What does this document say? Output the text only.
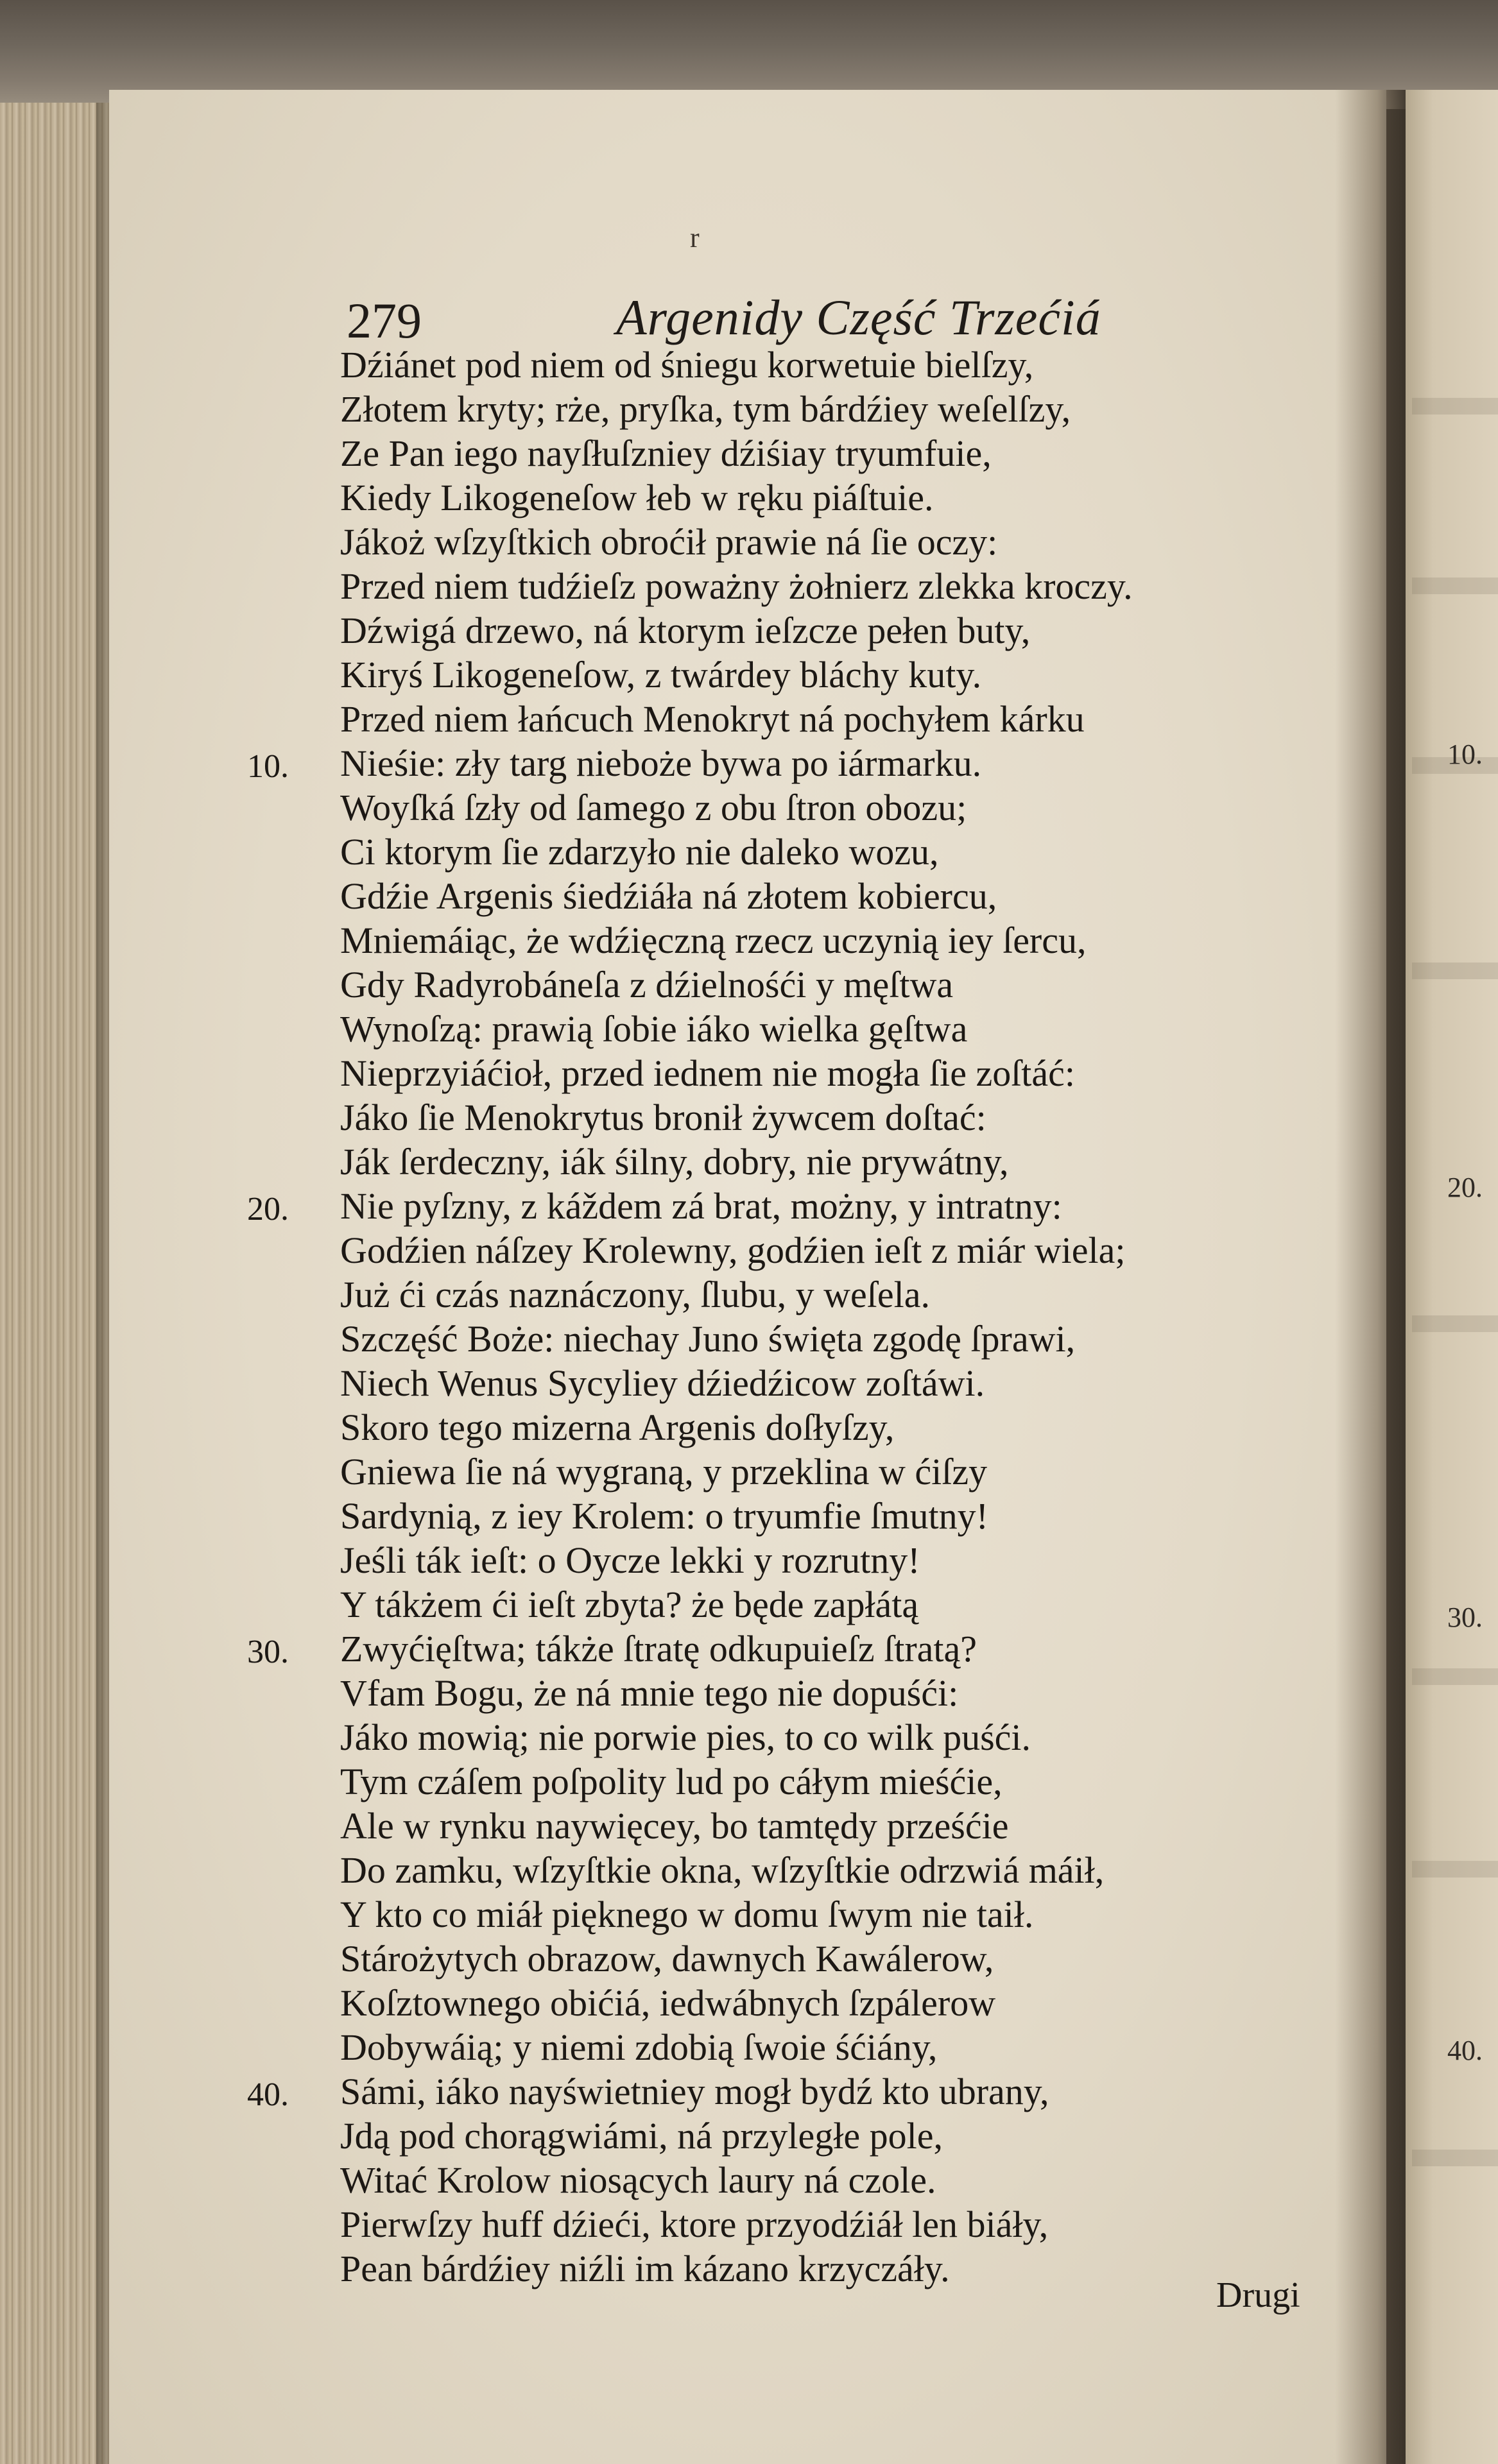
10.
20.
30.
40.
r
279	Argenidy Część Trzećiá
Dźiánet pod niem od śniegu korwetuie bielſzy,
Złotem kryty; rże, pryſka, tym bárdźiey weſelſzy,
Ze Pan iego nayſłuſzniey dźiśiay tryumfuie,
Kiedy Likogeneſow łeb w ręku piáſtuie.
Jákoż wſzyſtkich obroćił prawie ná ſie oczy:
Przed niem tudźieſz poważny żołnierz zlekka kroczy.
Dźwigá drzewo, ná ktorym ieſzcze pełen buty,
Kiryś Likogeneſow, z twárdey bláchy kuty.
Przed niem łańcuch Menokryt ná pochyłem kárku
Nieśie: zły targ nieboże bywa po iármarku.
Woyſká ſzły od ſamego z obu ſtron obozu;
Ci ktorym ſie zdarzyło nie daleko wozu,
Gdźie Argenis śiedźiáła ná złotem kobiercu,
Mniemáiąc, że wdźięczną rzecz uczynią iey ſercu,
Gdy Radyrobáneſa z dźielnośći y męſtwa
Wynoſzą: prawią ſobie iáko wielka gęſtwa
Nieprzyiáćioł, przed iednem nie mogła ſie zoſtáć:
Jáko ſie Menokrytus bronił żywcem doſtać:
Ják ſerdeczny, iák śilny, dobry, nie prywátny,
Nie pyſzny, z káždem zá brat, możny, y intratny:
Godźien náſzey Krolewny, godźien ieſt z miár wiela;
Już ći czás naznáczony, ſlubu, y weſela.
Szczęść Boże: niechay Juno święta zgodę ſprawi,
Niech Wenus Sycyliey dźiedźicow zoſtáwi.
Skoro tego mizerna Argenis doſłyſzy,
Gniewa ſie ná wygraną, y przeklina w ćiſzy
Sardynią, z iey Krolem: o tryumfie ſmutny!
Jeśli ták ieſt: o Oycze lekki y rozrutny!
Y tákżem ći ieſt zbyta? że będe zapłátą
Zwyćięſtwa; tákże ſtratę odkupuieſz ſtratą?
Vfam Bogu, że ná mnie tego nie dopuśći:
Jáko mowią; nie porwie pies, to co wilk puśći.
Tym czáſem poſpolity lud po cáłym mieśćie,
Ale w rynku naywięcey, bo tamtędy prześćie
Do zamku, wſzyſtkie okna, wſzyſtkie odrzwiá máił,
Y kto co miáł pięknego w domu ſwym nie taił.
Stárożytych obrazow, dawnych Kawálerow,
Koſztownego obićiá, iedwábnych ſzpálerow
Dobywáią; y niemi zdobią ſwoie śćiány,
Sámi, iáko nayświetniey mogł bydź kto ubrany,
Jdą pod chorągwiámi, ná przyległe pole,
Witać Krolow niosących laury ná czole.
Pierwſzy huff dźieći, ktore przyodźiáł len biáły,
Pean bárdźiey niźli im kázano krzyczáły.
10.
20.
30.
40.
Drugi
